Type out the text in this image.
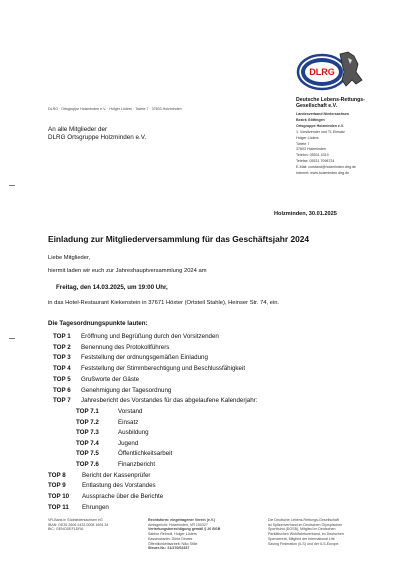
DLRG
Deutsche Lebens-Rettungs-
Gesellschaft e.V.
Landesverband Niedersachsen
Bezirk Göttingen
Ortsgruppe Holzminden e.V.
1. Vorsitzender und TL Einsatz
Holger Lüders
Twiete 7
37603 Holzminden
Telefon: 05531 4319
Telefax: 05531 7098724
E-Mail: vorstand@holzminden.dlrg.de
Internet: www.holzminden.dlrg.de
DLRG · Ortsgruppe Holzminden e.V. · Holger Lüders · Twiete 7 · 37603 Holzminden
An alle Mitglieder der
DLRG Ortsgruppe Holzminden e.V.
Holzminden, 30.01.2025
Einladung zur Mitgliederversammlung für das Geschäftsjahr 2024
Liebe Mitglieder,
hiermit laden wir euch zur Jahreshauptversammlung 2024 am
Freitag, den 14.03.2025, um 19:00 Uhr,
in das Hotel-Restaurant Kiekenstein in 37671 Höxter (Ortsteil Stahle), Heinser Str. 74, ein.
Die Tagesordnungspunkte lauten:
TOP 1 Eröffnung und Begrüßung durch den Vorsitzenden
TOP 2 Benennung des Protokollführers
TOP 3 Feststellung der ordnungsgemäßen Einladung
TOP 4 Feststellung der Stimmberechtigung und Beschlussfähigkeit
TOP 5 Grußworte der Gäste
TOP 6 Genehmigung der Tagesordnung
TOP 7 Jahresbericht des Vorstandes für das abgelaufene Kalenderjahr:
TOP 7.1	Vorstand
TOP 7.2	Einsatz
TOP 7.3	Ausbildung
TOP 7.4	Jugend
TOP 7.5	Öffentlichkeitsarbeit
TOP 7.6	Finanzbericht
TOP 8	Bericht der Kassenprüfer
TOP 9	Entlastung des Vorstandes
TOP 10 Aussprache über die Berichte
TOP 11 Ehrungen
VR-Bank in Südniedersachsen eG
IBAN: DE35 2606 2433 0008 1694 34
BIC: GENODEF1DRA
Rechtsform: eingetragener Verein (e.V.)
Amtsgericht: Holzminden, VR 150327
Vertretungsberechtigung gemäß § 26 BGB
Sabine Reimoll, Holger Lüders
Kassenwartin: Dörte Dewes
Öffentlichkeitsarbeit: Niko Stille
Steuer-Nr.: 21/270/02337
Die Deutsche Lebens-Rettungs-Gesellschaft
ist Spitzenverband im Deutschen Olympischen
Sportbund (DOSB), Mitglied im Deutschen
Paritätischen Wohlfahrtsverband, im Deutschen
Spendenrat, Mitglied der International Life
Saving Federation (ILS) und der ILS-Europe.
